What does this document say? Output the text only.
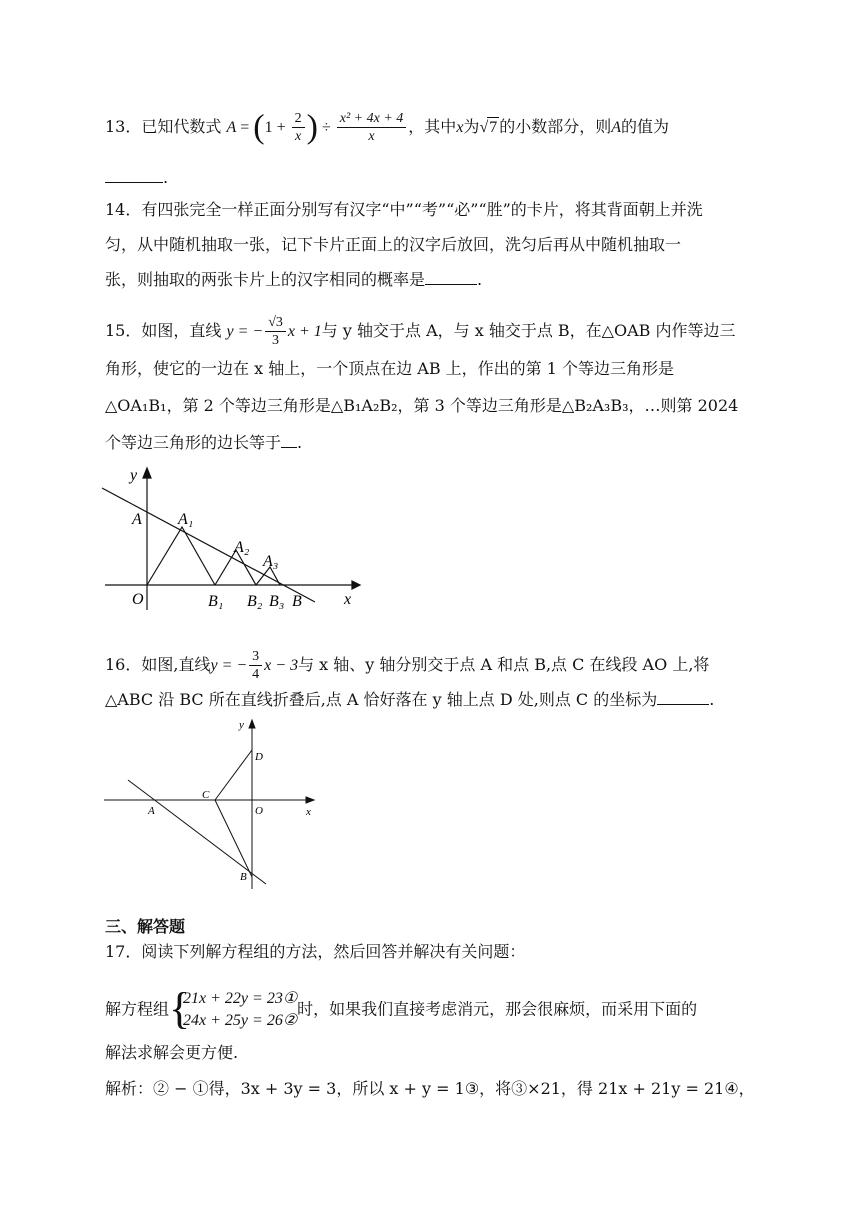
13．已知代数式 $A = (1 + \frac{2}{x}$ ) ÷ $\frac{\text{x² + 4x + 4}}{x}$ ，其中x为√7 的小数部分，则A的值为
.
14．有四张完全一样正面分别写有汉字“中”“考”“必”“胜”的卡片，将其背面朝上并洗
匀，从中随机抽取一张，记下卡片正面上的汉字后放回，洗匀后再从中随机抽取一
张，则抽取的两张卡片上的汉字相同的概率是	.
15．如图，直线 y = − $\frac{√3}{3}$ x + 1与 y 轴交于点 A，与 x 轴交于点 B，在△OAB 内作等边三
角形，使它的一边在 x 轴上，一个顶点在边 AB 上，作出的第 1 个等边三角形是
△OA₁B₁，第 2 个等边三角形是△B₁A₂B₂，第 3 个等边三角形是△B₂A₃B₃，…则第 2024
个等边三角形的边长等于 .
y
x
A
O
A₁
A₂
A₃
B₁ B₂ B₃ B
16．如图,直线y = − $\frac{3}{4}$ x − 3与 x 轴、y 轴分别交于点 A 和点 B,点 C 在线段 AO 上,将
△ABC 沿 BC 所在直线折叠后,点 A 恰好落在 y 轴上点 D 处,则点 C 的坐标为	.
y
x
D
C
A	O
B
三、解答题
17．阅读下列解方程组的方法，然后回答并解决有关问题：
解方程组 {
21x + 22y = 23①
24x + 25y = 26②
时，如果我们直接考虑消元，那会很麻烦，而采用下面的
解法求解会更方便.
解析：② − ①得，3x + 3y = 3，所以 x + y = 1③，将③×21，得 21x + 21y = 21④，
